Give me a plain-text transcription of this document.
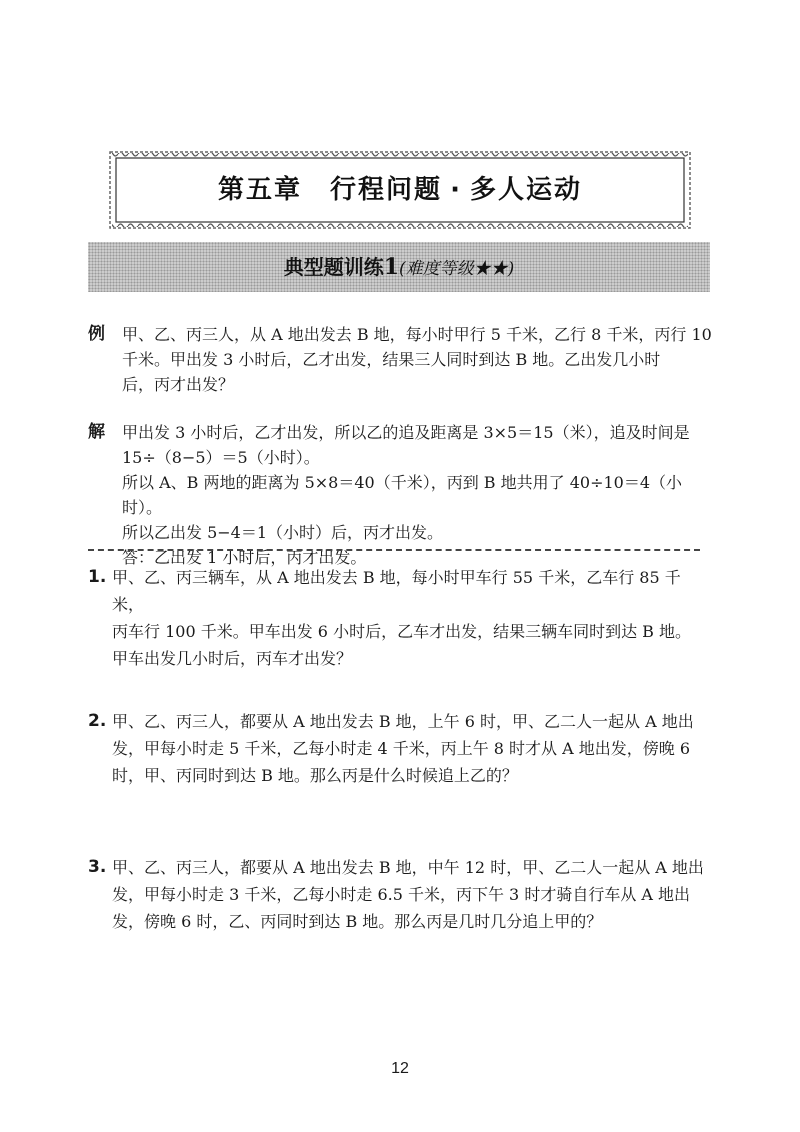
第五章 行程问题 · 多人运动
典型题训练1(难度等级★★)
例	甲、乙、丙三人，从 A 地出发去 B 地，每小时甲行 5 千米，乙行 8 千米，丙行 10

千米。甲出发 3 小时后，乙才出发，结果三人同时到达 B 地。乙出发几小时

后，丙才出发？

解	甲出发 3 小时后，乙才出发，所以乙的追及距离是 3×5＝15（米），追及时间是

15÷（8−5）＝5（小时）。

所以 A、B 两地的距离为 5×8＝40（千米），丙到 B 地共用了 40÷10＝4（小时）。

所以乙出发 5−4＝1（小时）后，丙才出发。

答：乙出发 1 小时后，丙才出发。

1. 甲、乙、丙三辆车，从 A 地出发去 B 地，每小时甲车行 55 千米，乙车行 85 千米，
丙车行 100 千米。甲车出发 6 小时后，乙车才出发，结果三辆车同时到达 B 地。
甲车出发几小时后，丙车才出发？
2. 甲、乙、丙三人，都要从 A 地出发去 B 地，上午 6 时，甲、乙二人一起从 A 地出
发，甲每小时走 5 千米，乙每小时走 4 千米，丙上午 8 时才从 A 地出发，傍晚 6
时，甲、丙同时到达 B 地。那么丙是什么时候追上乙的？
3. 甲、乙、丙三人，都要从 A 地出发去 B 地，中午 12 时，甲、乙二人一起从 A 地出
发，甲每小时走 3 千米，乙每小时走 6.5 千米，丙下午 3 时才骑自行车从 A 地出
发，傍晚 6 时，乙、丙同时到达 B 地。那么丙是几时几分追上甲的？
12
